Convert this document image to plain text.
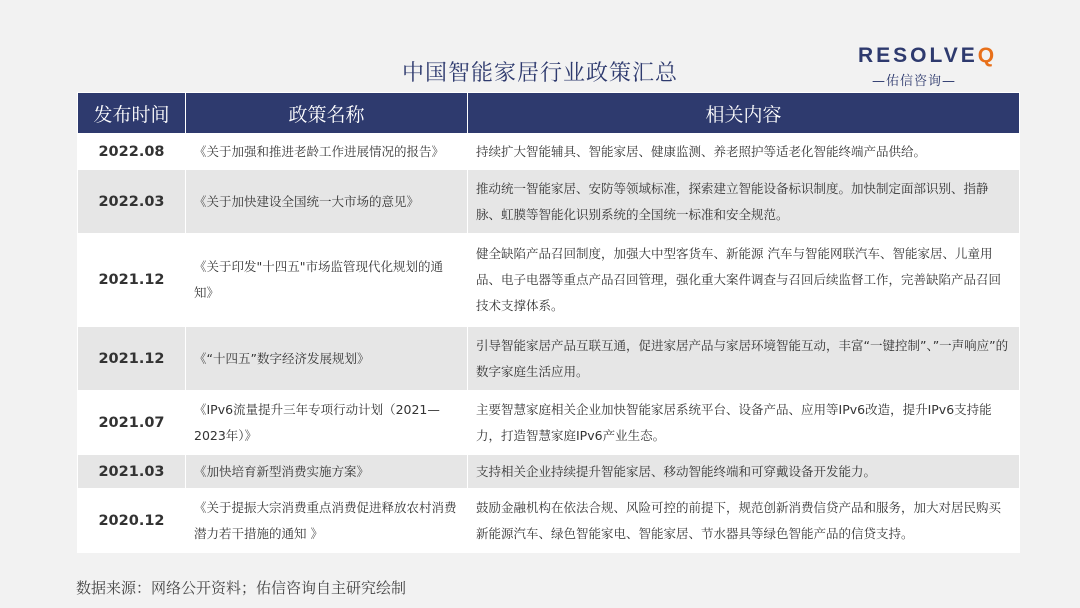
中国智能家居行业政策汇总
RESOLVEQ
—佑信咨询—
发布时间	政策名称	相关内容
2022.08	《关于加强和推进老龄工作进展情况的报告》	持续扩大智能辅具、智能家居、健康监测、养老照护等适老化智能终端产品供给。
2022.03	《关于加快建设全国统一大市场的意见》	推动统一智能家居、安防等领域标准，探索建立智能设备标识制度。加快制定面部识别、指静脉、虹膜等智能化识别系统的全国统一标准和安全规范。
2021.12	《关于印发"十四五"市场监管现代化规划的通知》	健全缺陷产品召回制度，加强大中型客货车、新能源 汽车与智能网联汽车、智能家居、儿童用品、电子电器等重点产品召回管理，强化重大案件调查与召回后续监督工作，完善缺陷产品召回技术支撑体系。
2021.12	《“十四五”数字经济发展规划》	引导智能家居产品互联互通，促进家居产品与家居环境智能互动，丰富“一键控制”、”一声响应”的数字家庭生活应用。
2021.07	《IPv6流量提升三年专项行动计划（2021—2023年）》	主要智慧家庭相关企业加快智能家居系统平台、设备产品、应用等IPv6改造，提升IPv6支持能力，打造智慧家庭IPv6产业生态。
2021.03	《加快培育新型消费实施方案》	支持相关企业持续提升智能家居、移动智能终端和可穿戴设备开发能力。
2020.12	《关于提振大宗消费重点消费促进释放农村消费潜力若干措施的通知 》	鼓励金融机构在依法合规、风险可控的前提下，规范创新消费信贷产品和服务，加大对居民购买新能源汽车、绿色智能家电、智能家居、节水器具等绿色智能产品的信贷支持。
数据来源：网络公开资料；佑信咨询自主研究绘制
